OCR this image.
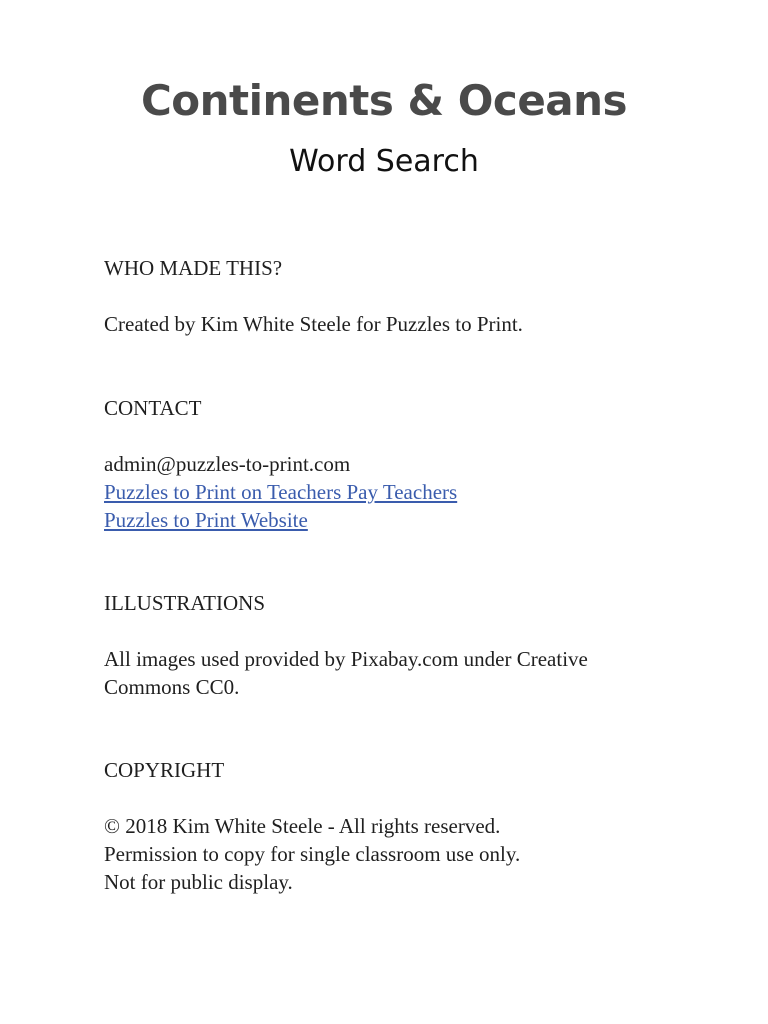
Continents & Oceans
Word Search
WHO MADE THIS?
Created by Kim White Steele for Puzzles to Print.
CONTACT
admin@puzzles-to-print.com
Puzzles to Print on Teachers Pay Teachers
Puzzles to Print Website
ILLUSTRATIONS
All images used provided by Pixabay.com under Creative
Commons CC0.
COPYRIGHT
© 2018 Kim White Steele - All rights reserved.
Permission to copy for single classroom use only.
Not for public display.
